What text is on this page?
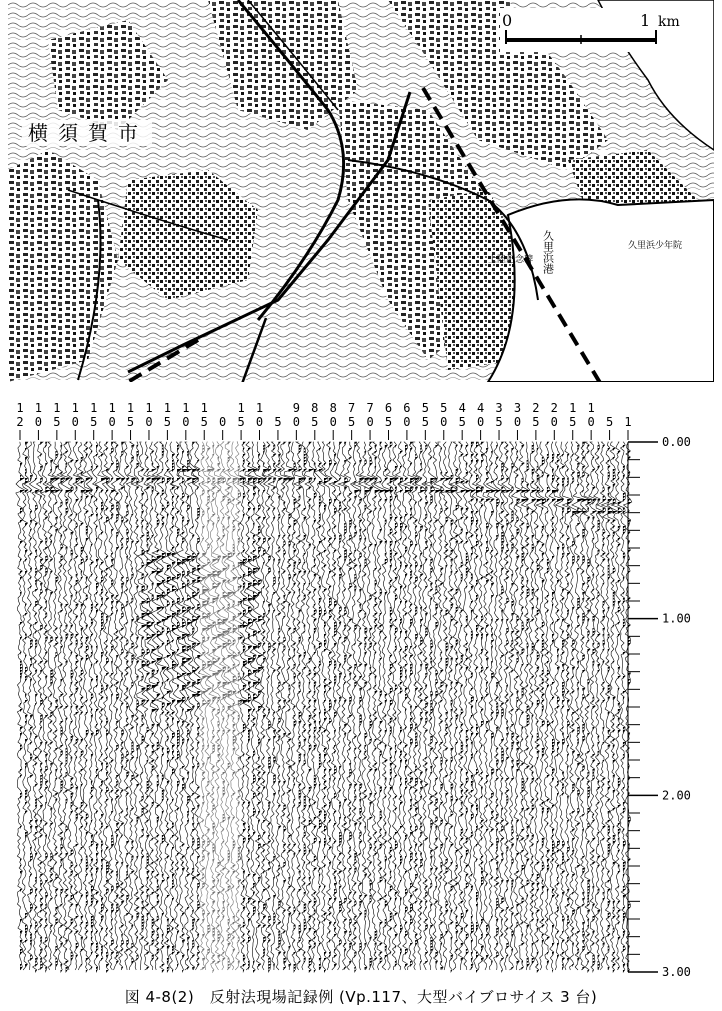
0	1 km
横須賀市
久里浜港
上陸記念碑
久里浜少年院
1
2
1
0
1
5
1
0
1
5
1
0
1
5
1
0
1
5
1
0
1
5 0
1
5
1
0 5
9
0
8
5
8
0
7
5
7
0
6
5
6
0
5
5
5
0
4
5
4
0
3
5
3
0
2
5
2
0
1
5
1
0 5 1
0.00
1.00
2.00
3.00
図 4-8(2)　反射法現場記録例 (Vp.117、大型バイブロサイス 3 台)
